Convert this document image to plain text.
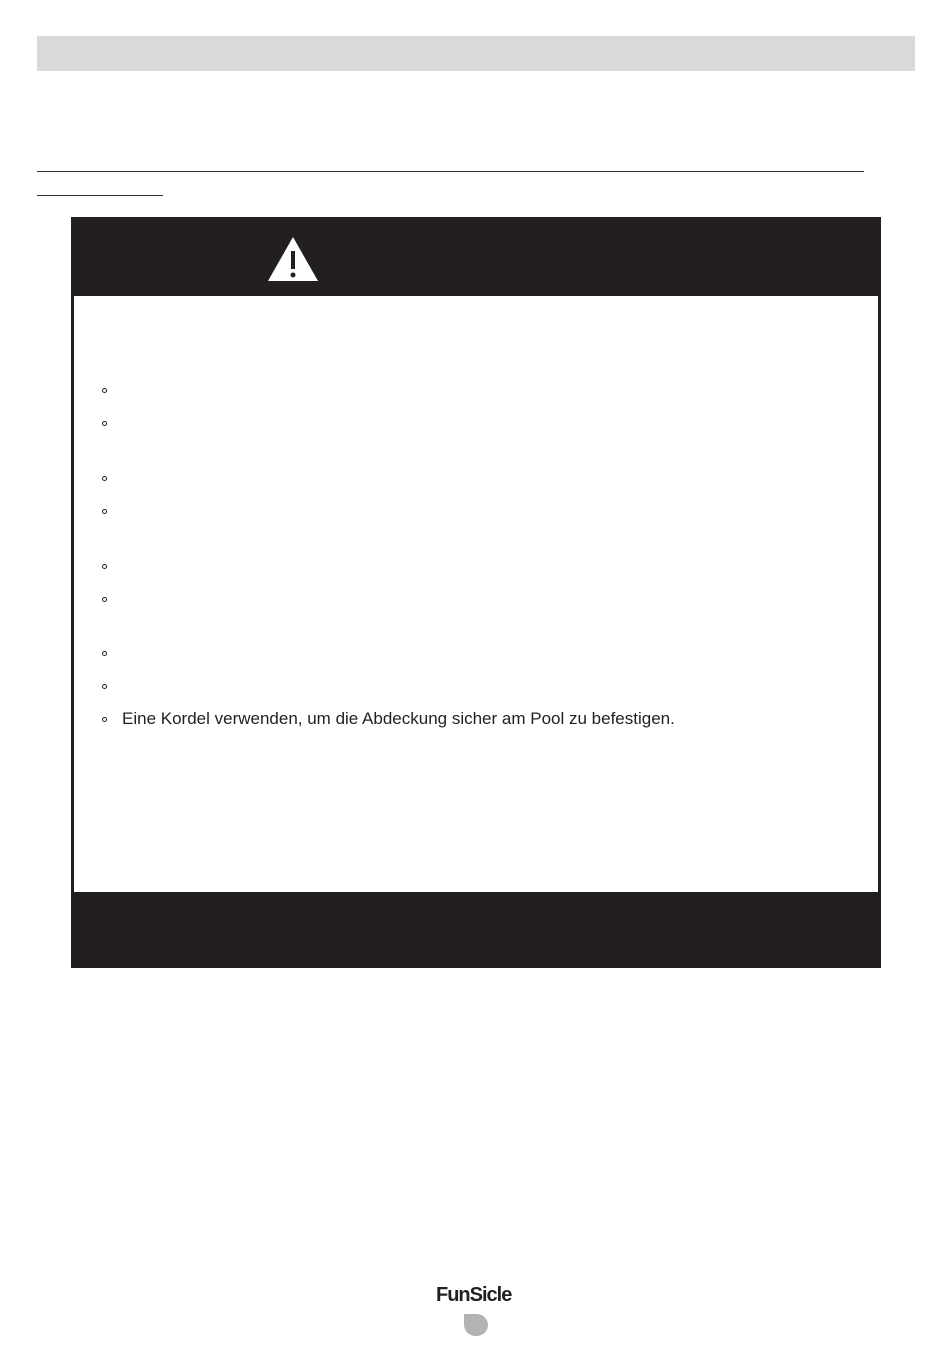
Eine Kordel verwenden, um die Abdeckung sicher am Pool zu befestigen.
FunSicle
